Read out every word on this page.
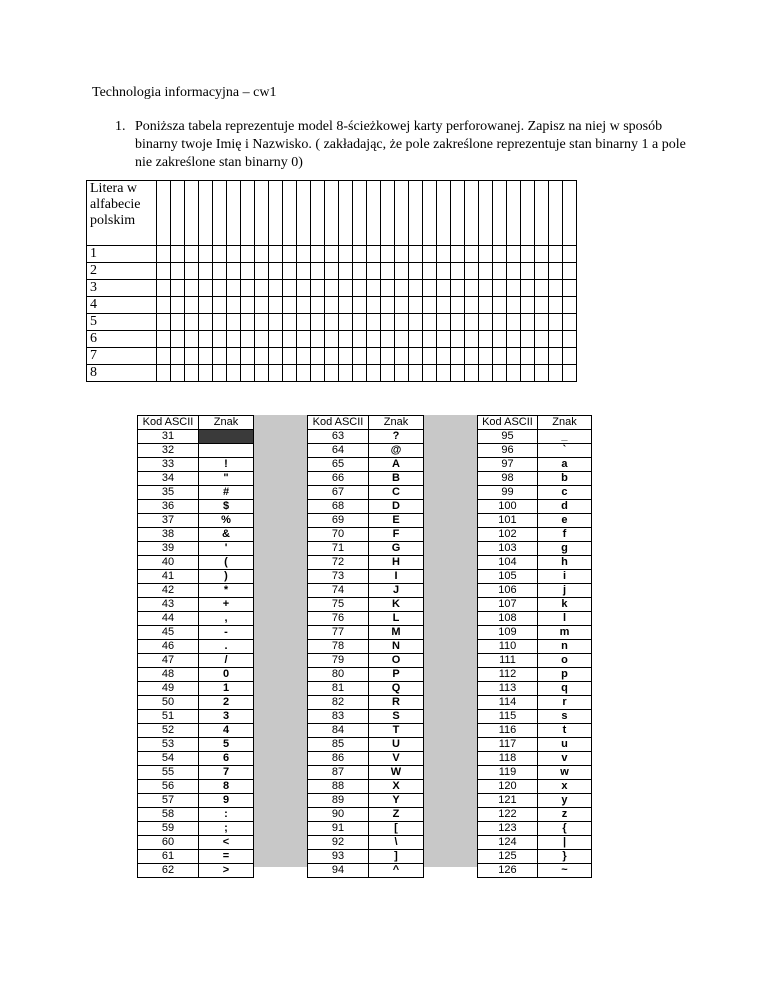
Technologia informacyjna – cw1
1. Poniższa tabela reprezentuje model 8-ścieżkowej karty perforowanej. Zapisz na niej w sposób binarny twoje Imię i Nazwisko. ( zakładając, że pole zakreślone reprezentuje stan binarny 1 a pole nie zakreślone stan binarny 0)
Litera w alfabecie polskim																														
1																														
2																														
3																														
4																														
5																														
6																														
7																														
8																														
Kod ASCII	Znak
31	
32	
33	!
34	"
35	#
36	$
37	%
38	&
39	'
40	(
41	)
42	*
43	+
44	,
45	-
46	.
47	/
48	0
49	1
50	2
51	3
52	4
53	5
54	6
55	7
56	8
57	9
58	:
59	;
60	<
61	=
62	>
Kod ASCII	Znak
63	?
64	@
65	A
66	B
67	C
68	D
69	E
70	F
71	G
72	H
73	I
74	J
75	K
76	L
77	M
78	N
79	O
80	P
81	Q
82	R
83	S
84	T
85	U
86	V
87	W
88	X
89	Y
90	Z
91	[
92	\
93	]
94	^
Kod ASCII	Znak
95	_
96	`
97	a
98	b
99	c
100	d
101	e
102	f
103	g
104	h
105	i
106	j
107	k
108	l
109	m
110	n
111	o
112	p
113	q
114	r
115	s
116	t
117	u
118	v
119	w
120	x
121	y
122	z
123	{
124	|
125	}
126	~
